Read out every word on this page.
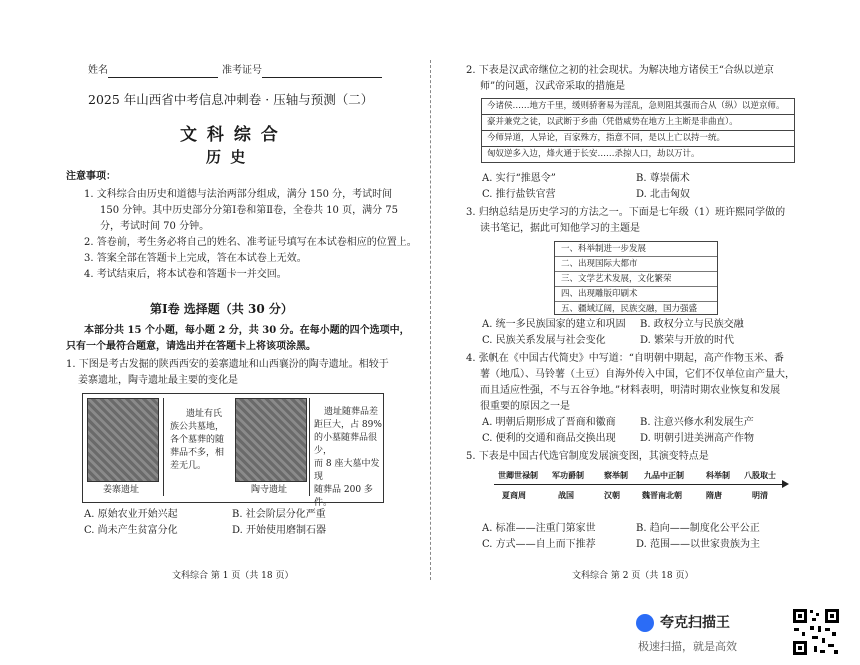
姓名	准考证号
2025 年山西省中考信息冲刺卷 · 压轴与预测（二）
文 科 综 合
历 史
注意事项：
1. 文科综合由历史和道德与法治两部分组成，满分 150 分，考试时间
150 分钟。其中历史部分分第Ⅰ卷和第Ⅱ卷，全卷共 10 页，满分 75
分，考试时间 70 分钟。
2. 答卷前，考生务必将自己的姓名、准考证号填写在本试卷相应的位置上。
3. 答案全部在答题卡上完成，答在本试卷上无效。
4. 考试结束后，将本试卷和答题卡一并交回。
第Ⅰ卷 选择题（共 30 分）
本部分共 15 个小题，每小题 2 分，共 30 分。在每小题的四个选项中，
只有一个最符合题意，请选出并在答题卡上将该项涂黑。
1. 下图是考古发掘的陕西西安的姜寨遗址和山西襄汾的陶寺遗址。相较于
姜寨遗址，陶寺遗址最主要的变化是
姜寨遗址
遗址有氏
族公共墓地，
各个墓葬的随
葬品不多，相
差无几。
陶寺遗址
遗址随葬品差
距巨大，占 89%
的小墓随葬品很少，
而 8 座大墓中发现
随葬品 200 多件。
A. 原始农业开始兴起	B. 社会阶层分化严重
C. 尚未产生贫富分化	D. 开始使用磨制石器
文科综合 第 1 页（共 18 页）
2. 下表是汉武帝继位之初的社会现状。为解决地方诸侯王“合纵以逆京
师”的问题，汉武帝采取的措施是
今诸侯……地方千里，缓则骄奢易为淫乱，急则阻其强而合从（纵）以逆京师。
豪并兼党之徒，以武断于乡曲（凭借威势在地方上主断是非曲直）。
今师异道，人异论，百家殊方，指意不同，是以上亡以持一统。
匈奴逆多入边，烽火通于长安……杀掠人口，劫以万计。
A. 实行“推恩令”	B. 尊崇儒术
C. 推行盐铁官营	D. 北击匈奴
3. 归纳总结是历史学习的方法之一。下面是七年级（1）班许熙同学做的
读书笔记，据此可知他学习的主题是
一、科举制进一步发展
二、出现国际大都市
三、文学艺术发展，文化繁荣
四、出现雕版印刷术
五、疆域辽阔，民族交融，国力强盛
A. 统一多民族国家的建立和巩固 B. 政权分立与民族交融
C. 民族关系发展与社会变化	D. 繁荣与开放的时代
4. 张帆在《中国古代简史》中写道：“自明朝中期起，高产作物玉米、番
薯（地瓜）、马铃薯（土豆）自海外传入中国，它们不仅单位亩产量大，
而且适应性强，不与五谷争地。”材料表明，明清时期农业恢复和发展
很重要的原因之一是
A. 明朝后期形成了晋商和徽商 B. 注意兴修水利发展生产
C. 便利的交通和商品交换出现 D. 明朝引进美洲高产作物
5. 下表是中国古代选官制度发展演变图，其演变特点是
世卿世禄制 军功爵制	察举制 九品中正制	科举制 八股取士
夏商周	战国	汉朝	魏晋南北朝	隋唐	明清
A. 标准——注重门第家世	B. 趋向——制度化公平公正
C. 方式——自上而下推荐	D. 范围——以世家贵族为主
文科综合 第 2 页（共 18 页）
夸克扫描王
极速扫描，就是高效
